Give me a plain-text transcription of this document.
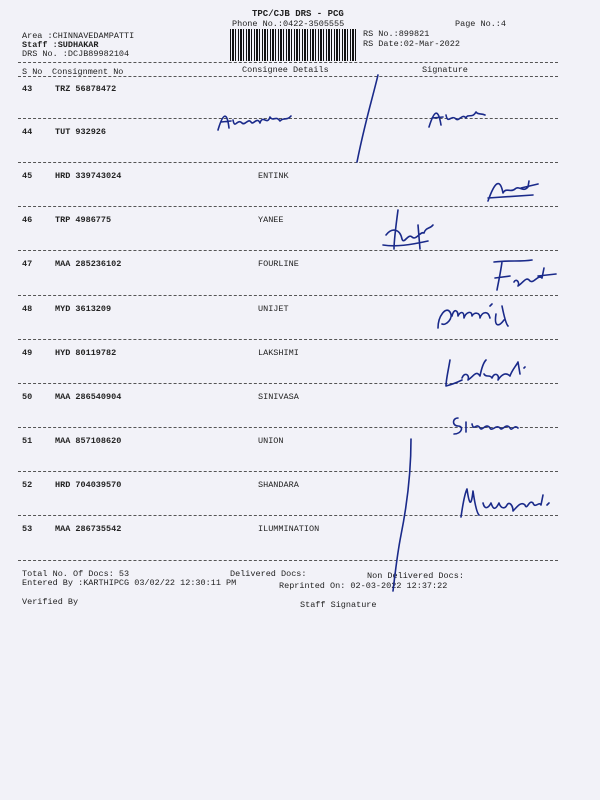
TPC/CJB DRS - PCG
Phone No.:0422-3505555	Page No.:4
Area :CHINNAVEDAMPATTI
Staff :SUDHAKAR
DRS No. :DCJB89982104
RS No.:899821
RS Date:02-Mar-2022
S No Consignment No	Consignee Details	Signature
43	TRZ 56878472
44	TUT 932926
45	HRD 339743024	ENTINK
46	TRP 4986775	YANEE
47	MAA 285236102	FOURLINE
48	MYD 3613209	UNIJET
49	HYD 80119782	LAKSHIMI
50	MAA 286540904	SINIVASA
51	MAA 857108620	UNION
52	HRD 704039570	SHANDARA
53	MAA 286735542	ILUMMINATION
Total No. Of Docs: 53	Delivered Docs:	Non Delivered Docs:
Entered By :KARTHIPCG 03/02/22 12:30:11 PM	Reprinted On: 02-03-2022 12:37:22
Verified By	Staff Signature
